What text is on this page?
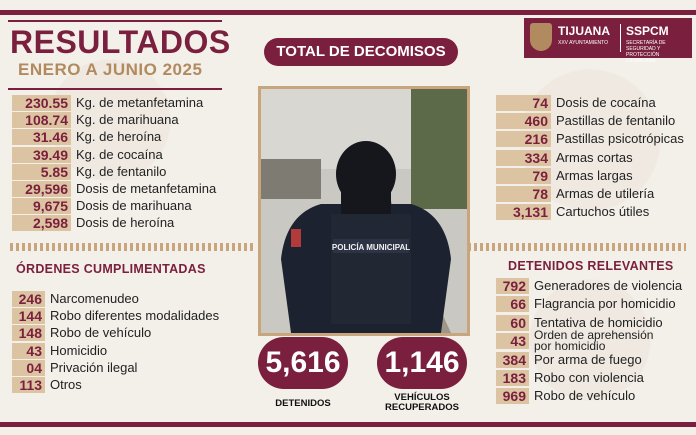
RESULTADOS
ENERO A JUNIO 2025
TOTAL DE DECOMISOS
TIJUANA
XXV AYUNTAMIENTO
SSPCM
SECRETARÍA DE SEGURIDAD Y PROTECCIÓN CIUDADANA
230.55 Kg. de metanfetamina
108.74 Kg. de marihuana
31.46 Kg. de heroína
39.49 Kg. de cocaína
5.85 Kg. de fentanilo
29,596 Dosis de metanfetamina
9,675 Dosis de marihuana
2,598 Dosis de heroína
74 Dosis de cocaína
460 Pastillas de fentanilo
216 Pastillas psicotrópicas
334 Armas cortas
79 Armas largas
78 Armas de utilería
3,131 Cartuchos útiles
ÓRDENES CUMPLIMENTADAS	DETENIDOS RELEVANTES
246 Narcomenudeo
144 Robo diferentes modalidades
148 Robo de vehículo
43 Homicidio
04 Privación ilegal
113 Otros
792 Generadores de violencia
66 Flagrancia por homicidio
60 Tentativa de homicidio
43 Orden de aprehensión por homicidio
384 Por arma de fuego
183 Robo con violencia
969 Robo de vehículo
POLICÍA MUNICIPAL
5,616
DETENIDOS
1,146
VEHÍCULOS RECUPERADOS
